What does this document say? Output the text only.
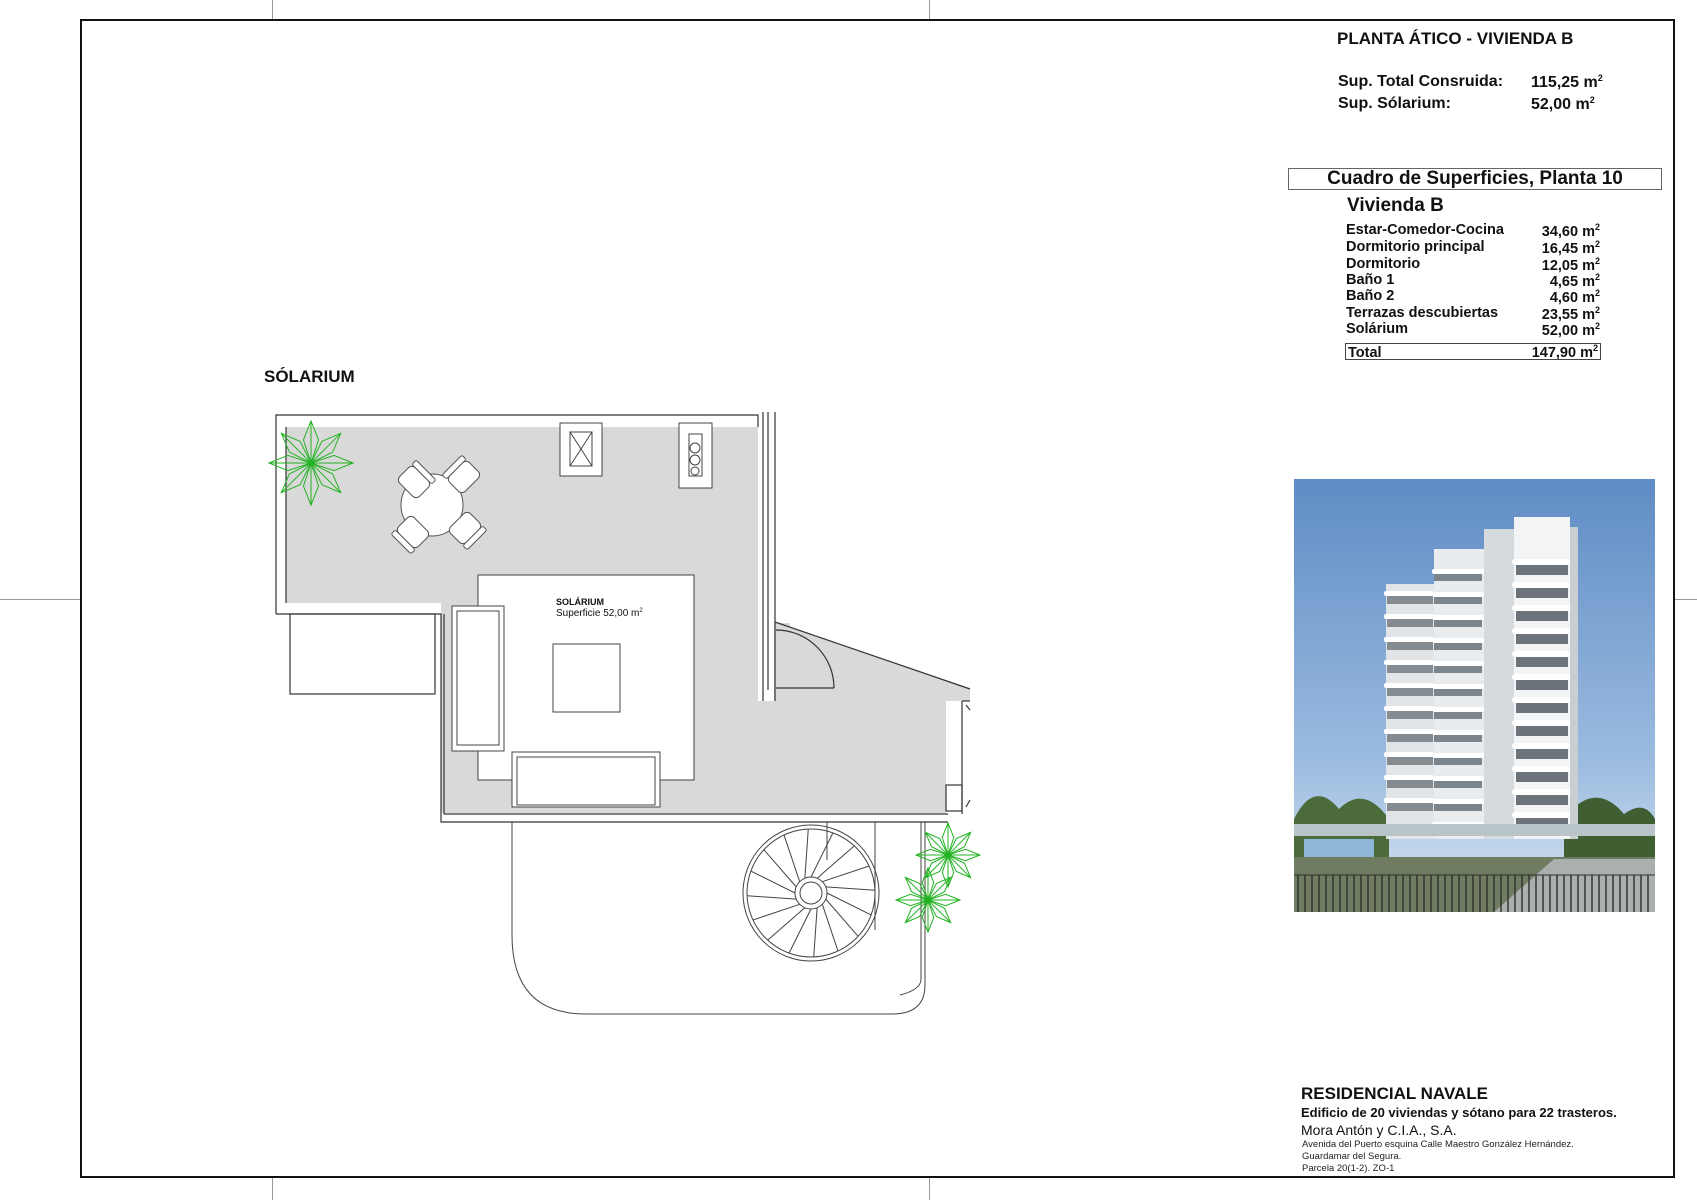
PLANTA ÁTICO - VIVIENDA B
Sup. Total Consruida: 115,25 $m^2$
Sup. Sólarium:	52,00 $m^2$
Cuadro de Superficies, Planta 10
Vivienda B
Estar-Comedor-Cocina	34,60 $m^2$
Dormitorio principal	16,45 $m^2$
Dormitorio	12,05 $m^2$
Baño 1	4,65 $m^2$
Baño 2	4,60 $m^2$
Terrazas descubiertas	23,55 $m^2$
Solárium	52,00 $m^2$
Total	147,90 $m^2$
SÓLARIUM
SOLÁRIUM
Superficie 52,00 $m^2$
RESIDENCIAL NAVALE
Edificio de 20 viviendas y sótano para 22 trasteros.
Mora Antón y C.I.A., S.A.
Avenida del Puerto esquina Calle Maestro González Hernández.
Guardamar del Segura.
Parcela 20(1-2). ZO-1
